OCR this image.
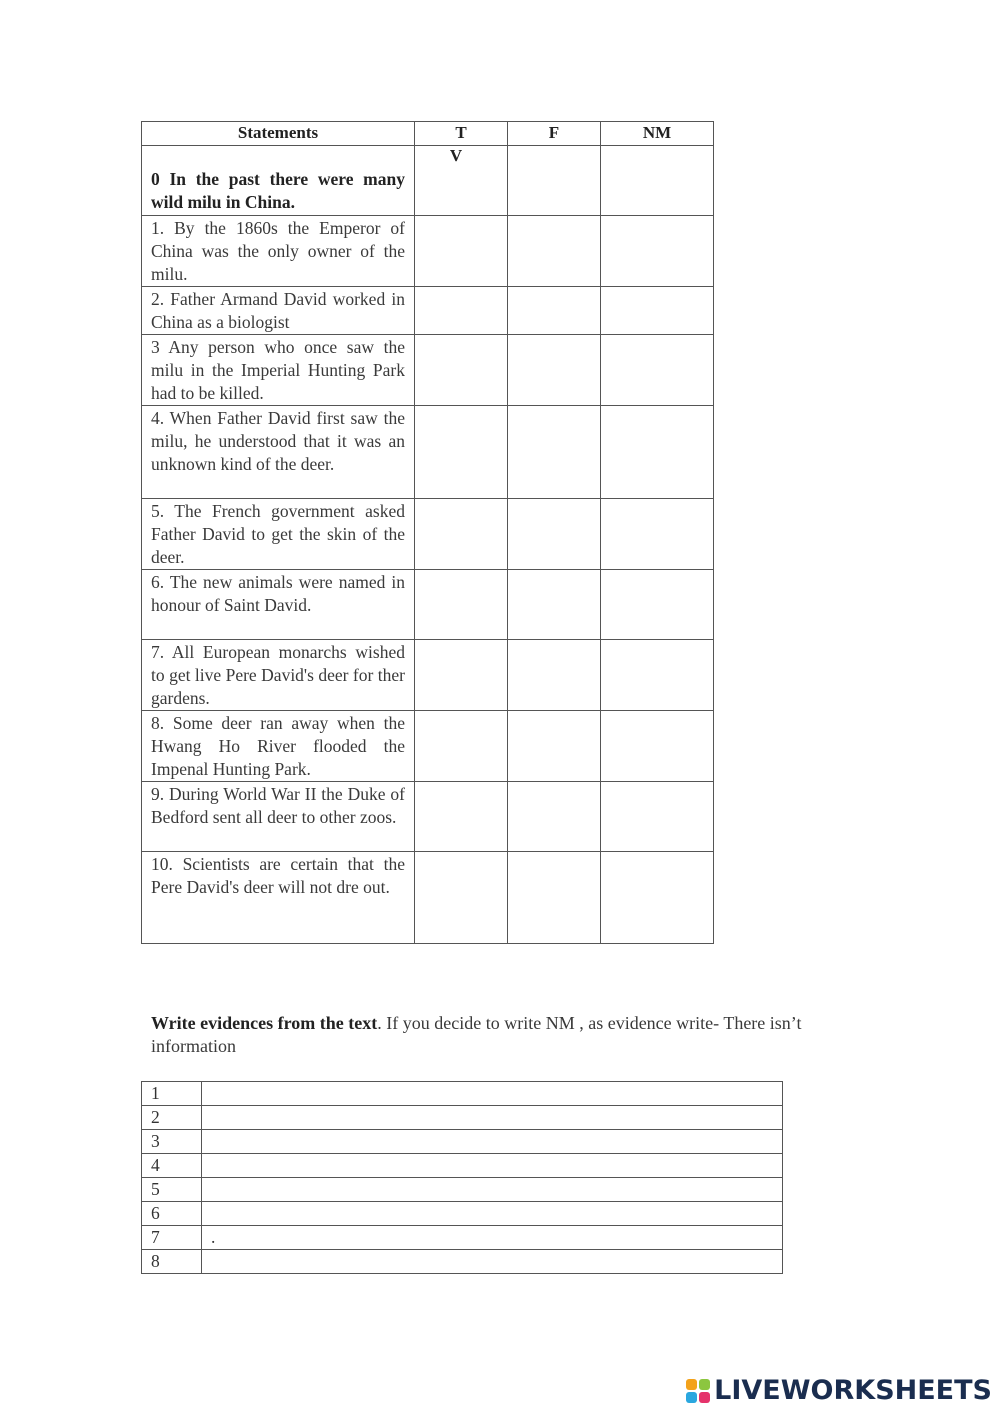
Statements	T	F	NM
0 In the past there were many wild milu in China.	V		

1. By the 1860s the Emperor of China was the only owner of the milu.	

2. Father Armand David worked in China as a biologist	

3 Any person who once saw the milu in the Imperial Hunting Park had to be killed.	

4. When Father David first saw the milu, he understood that it was an unknown kind of the deer.	

5. The French government asked Father David to get the skin of the deer.	

6. The new animals were named in honour of Saint David.	

7. All European monarchs wished to get live Pere David's deer for ther gardens.	

8. Some deer ran away when the Hwang Ho River flooded the Impenal Hunting Park.	

9. During World War II the Duke of Bedford sent all deer to other zoos.	

10. Scientists are certain that the Pere David's deer will not dre out.	

Write evidences from the text. If you decide to write NM , as evidence write- There isn’t information
1	
2	
3	
4	
5	
6	
7	.
8	
LIVEWORKSHEETS
